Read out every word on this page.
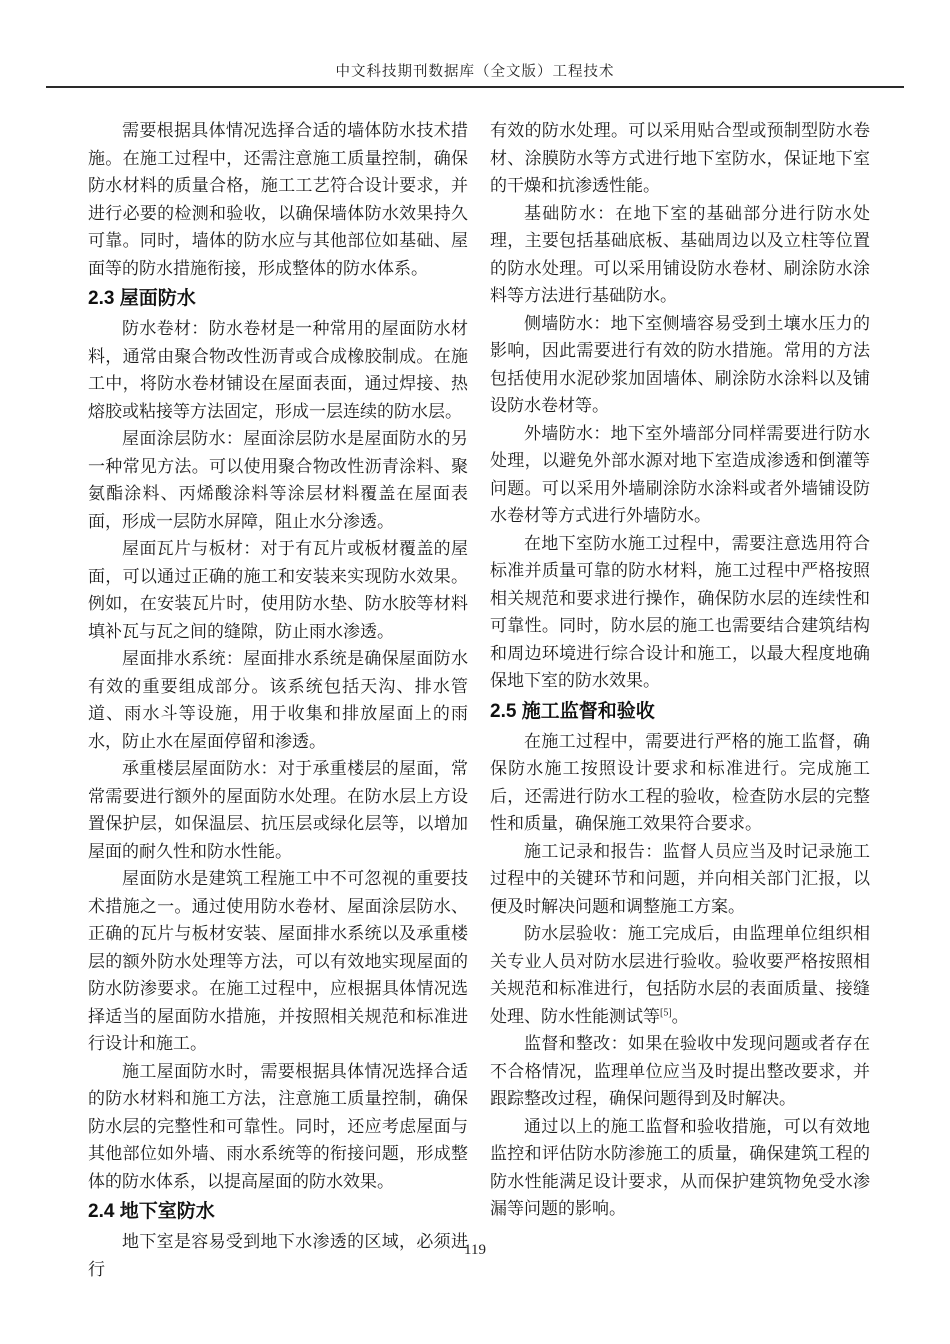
中文科技期刊数据库（全文版）工程技术

需要根据具体情况选择合适的墙体防水技术措施。在施工过程中，还需注意施工质量控制，确保防水材料的质量合格，施工工艺符合设计要求，并进行必要的检测和验收，以确保墙体防水效果持久可靠。同时，墙体的防水应与其他部位如基础、屋面等的防水措施衔接，形成整体的防水体系。

2.3 屋面防水

防水卷材：防水卷材是一种常用的屋面防水材料，通常由聚合物改性沥青或合成橡胶制成。在施工中，将防水卷材铺设在屋面表面，通过焊接、热熔胶或粘接等方法固定，形成一层连续的防水层。

屋面涂层防水：屋面涂层防水是屋面防水的另一种常见方法。可以使用聚合物改性沥青涂料、聚氨酯涂料、丙烯酸涂料等涂层材料覆盖在屋面表面，形成一层防水屏障，阻止水分渗透。

屋面瓦片与板材：对于有瓦片或板材覆盖的屋面，可以通过正确的施工和安装来实现防水效果。例如，在安装瓦片时，使用防水垫、防水胶等材料填补瓦与瓦之间的缝隙，防止雨水渗透。

屋面排水系统：屋面排水系统是确保屋面防水有效的重要组成部分。该系统包括天沟、排水管道、雨水斗等设施，用于收集和排放屋面上的雨水，防止水在屋面停留和渗透。

承重楼层屋面防水：对于承重楼层的屋面，常常需要进行额外的屋面防水处理。在防水层上方设置保护层，如保温层、抗压层或绿化层等，以增加屋面的耐久性和防水性能。

屋面防水是建筑工程施工中不可忽视的重要技术措施之一。通过使用防水卷材、屋面涂层防水、正确的瓦片与板材安装、屋面排水系统以及承重楼层的额外防水处理等方法，可以有效地实现屋面的防水防渗要求。在施工过程中，应根据具体情况选择适当的屋面防水措施，并按照相关规范和标准进行设计和施工。

施工屋面防水时，需要根据具体情况选择合适的防水材料和施工方法，注意施工质量控制，确保防水层的完整性和可靠性。同时，还应考虑屋面与其他部位如外墙、雨水系统等的衔接问题，形成整体的防水体系，以提高屋面的防水效果。

2.4 地下室防水

地下室是容易受到地下水渗透的区域，必须进行

有效的防水处理。可以采用贴合型或预制型防水卷材、涂膜防水等方式进行地下室防水，保证地下室的干燥和抗渗透性能。

基础防水：在地下室的基础部分进行防水处理，主要包括基础底板、基础周边以及立柱等位置的防水处理。可以采用铺设防水卷材、刷涂防水涂料等方法进行基础防水。

侧墙防水：地下室侧墙容易受到土壤水压力的影响，因此需要进行有效的防水措施。常用的方法包括使用水泥砂浆加固墙体、刷涂防水涂料以及铺设防水卷材等。

外墙防水：地下室外墙部分同样需要进行防水处理，以避免外部水源对地下室造成渗透和倒灌等问题。可以采用外墙刷涂防水涂料或者外墙铺设防水卷材等方式进行外墙防水。

在地下室防水施工过程中，需要注意选用符合标准并质量可靠的防水材料，施工过程中严格按照相关规范和要求进行操作，确保防水层的连续性和可靠性。同时，防水层的施工也需要结合建筑结构和周边环境进行综合设计和施工，以最大程度地确保地下室的防水效果。

2.5 施工监督和验收

在施工过程中，需要进行严格的施工监督，确保防水施工按照设计要求和标准进行。完成施工后，还需进行防水工程的验收，检查防水层的完整性和质量，确保施工效果符合要求。

施工记录和报告：监督人员应当及时记录施工过程中的关键环节和问题，并向相关部门汇报，以便及时解决问题和调整施工方案。

防水层验收：施工完成后，由监理单位组织相关专业人员对防水层进行验收。验收要严格按照相关规范和标准进行，包括防水层的表面质量、接缝处理、防水性能测试等[5]。

监督和整改：如果在验收中发现问题或者存在不合格情况，监理单位应当及时提出整改要求，并跟踪整改过程，确保问题得到及时解决。

通过以上的施工监督和验收措施，可以有效地监控和评估防水防渗施工的质量，确保建筑工程的防水性能满足设计要求，从而保护建筑物免受水渗漏等问题的影响。

119
